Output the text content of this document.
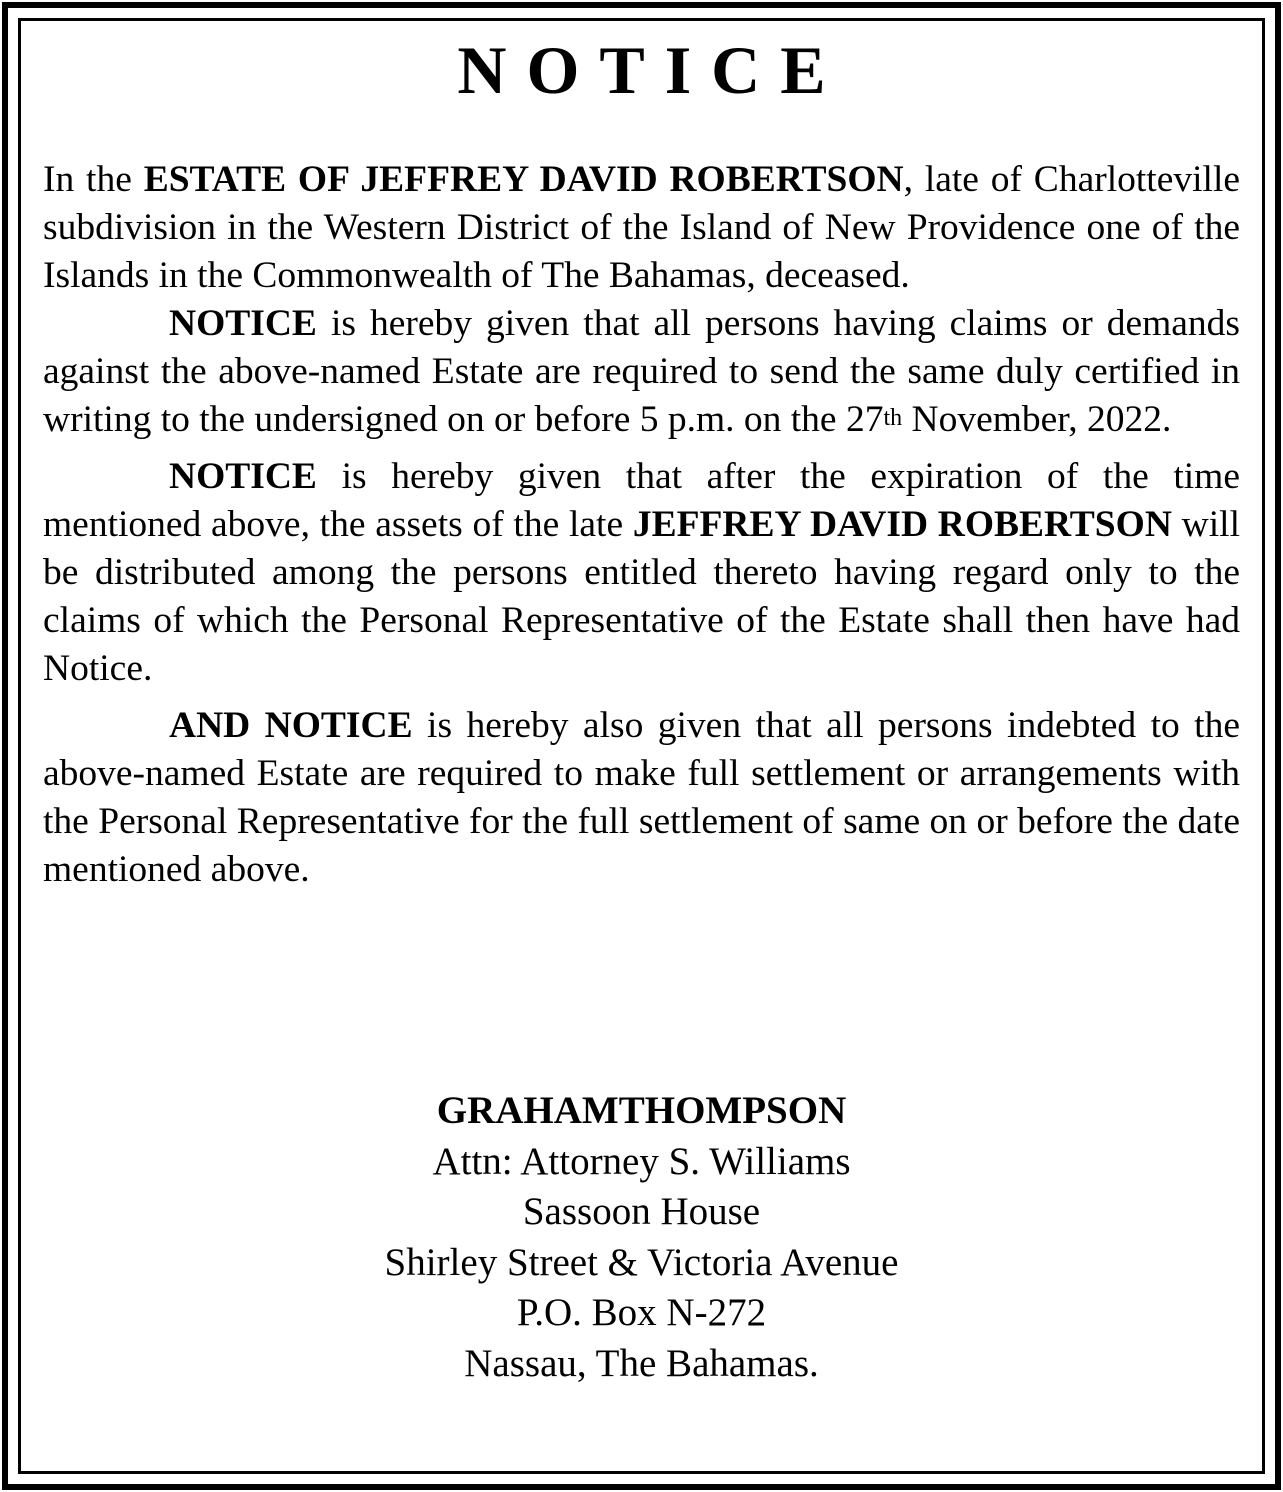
NOTICE

In the ESTATE OF JEFFREY DAVID ROBERTSON, late of Charlotteville subdivision in the Western District of the Island of New Providence one of the Islands in the Commonwealth of The Bahamas, deceased.

NOTICE is hereby given that all persons having claims or demands against the above-named Estate are required to send the same duly certified in writing to the undersigned on or before 5 p.m. on the 27th November, 2022.

NOTICE is hereby given that after the expiration of the time mentioned above, the assets of the late JEFFREY DAVID ROBERTSON will be distributed among the persons entitled thereto having regard only to the claims of which the Personal Representative of the Estate shall then have had Notice.

AND NOTICE is hereby also given that all persons indebted to the above-named Estate are required to make full settlement or arrangements with the Personal Representative for the full settlement of same on or before the date mentioned above.

GRAHAMTHOMPSON
Attn: Attorney S. Williams
Sassoon House
Shirley Street & Victoria Avenue
P.O. Box N-272
Nassau, The Bahamas.
